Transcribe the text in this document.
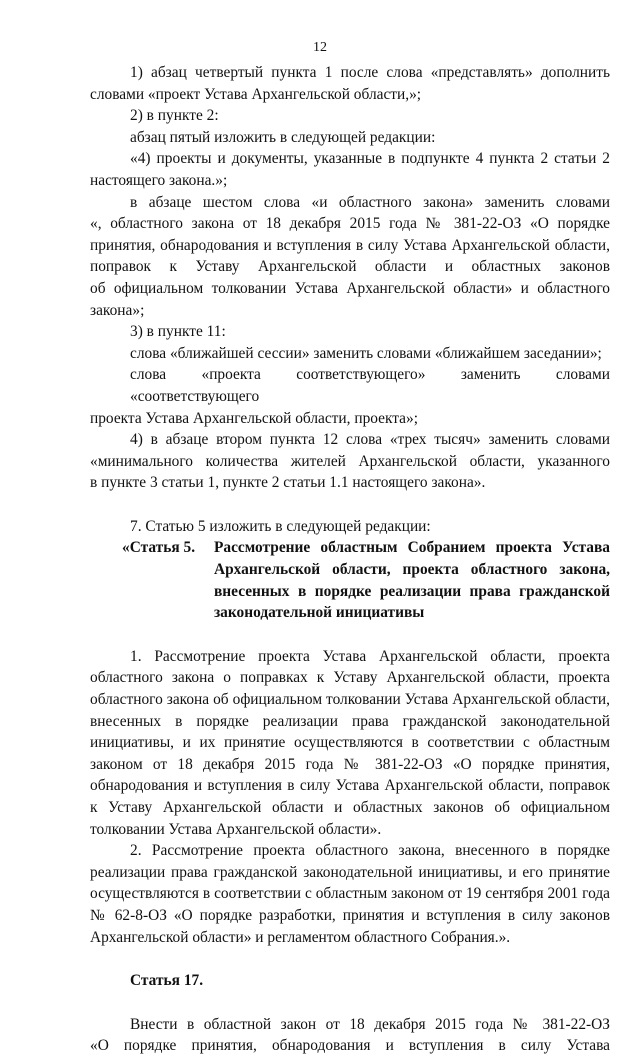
12
1) абзац четвертый пункта 1 после слова «представлять» дополнить
словами «проект Устава Архангельской области,»;
2) в пункте 2:
абзац пятый изложить в следующей редакции:
«4) проекты и документы, указанные в подпункте 4 пункта 2 статьи 2
настоящего закона.»;
в абзаце шестом слова «и областного закона» заменить словами
«, областного закона от 18 декабря 2015 года № 381-22-ОЗ «О порядке
принятия, обнародования и вступления в силу Устава Архангельской области,
поправок к Уставу Архангельской области и областных законов
об официальном толковании Устава Архангельской области» и областного
закона»;
3) в пункте 11:
слова «ближайшей сессии» заменить словами «ближайшем заседании»;
слова «проекта соответствующего» заменить словами «соответствующего
проекта Устава Архангельской области, проекта»;
4) в абзаце втором пункта 12 слова «трех тысяч» заменить словами
«минимального количества жителей Архангельской области, указанного
в пункте 3 статьи 1, пункте 2 статьи 1.1 настоящего закона».

7. Статью 5 изложить в следующей редакции:

«Статья 5.	Рассмотрение областным Собранием проекта Устава
Архангельской области, проекта областного закона,
внесенных в порядке реализации права гражданской
законодательной инициативы
1. Рассмотрение проекта Устава Архангельской области, проекта
областного закона о поправках к Уставу Архангельской области, проекта
областного закона об официальном толковании Устава Архангельской области,
внесенных в порядке реализации права гражданской законодательной
инициативы, и их принятие осуществляются в соответствии с областным
законом от 18 декабря 2015 года № 381-22-ОЗ «О порядке принятия,
обнародования и вступления в силу Устава Архангельской области, поправок
к Уставу Архангельской области и областных законов об официальном
толковании Устава Архангельской области».
2. Рассмотрение проекта областного закона, внесенного в порядке
реализации права гражданской законодательной инициативы, и его принятие
осуществляются в соответствии с областным законом от 19 сентября 2001 года
№ 62-8-ОЗ «О порядке разработки, принятия и вступления в силу законов
Архангельской области» и регламентом областного Собрания.».
Статья 17.
Внести в областной закон от 18 декабря 2015 года № 381-22-ОЗ
«О порядке принятия, обнародования и вступления в силу Устава
